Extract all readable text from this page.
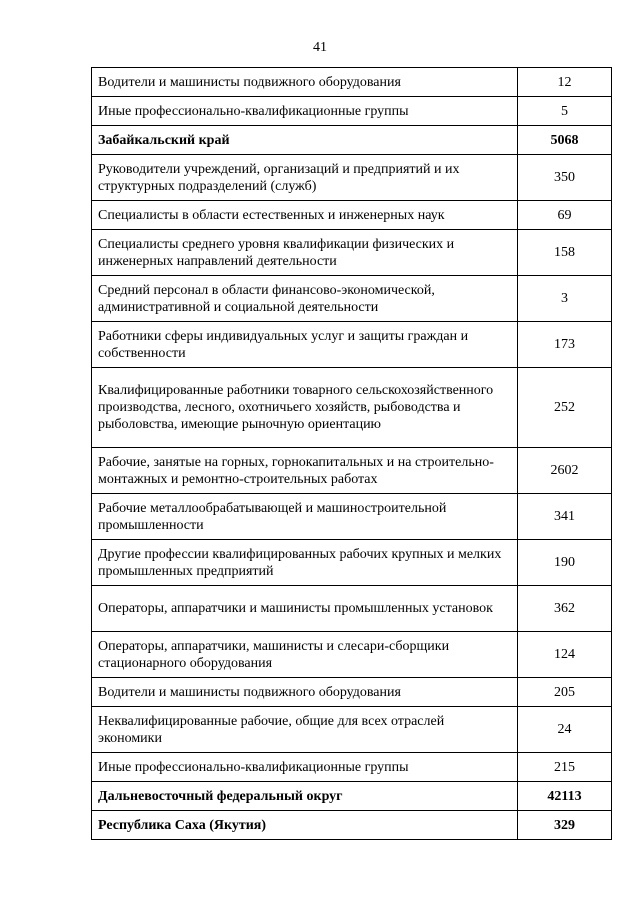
41
Водители и машинисты подвижного оборудования	12
Иные профессионально-квалификационные группы	5
Забайкальский край	5068
Руководители учреждений, организаций и предприятий и их структурных подразделений (служб)	350
Специалисты в области естественных и инженерных наук	69
Специалисты среднего уровня квалификации физических и инженерных направлений деятельности	158
Средний персонал в области финансово-экономической, административной и социальной деятельности	3
Работники сферы индивидуальных услуг и защиты граждан и собственности	173
Квалифицированные работники товарного сельскохозяйственного производства, лесного, охотничьего хозяйств, рыбоводства и рыболовства, имеющие рыночную ориентацию	252
Рабочие, занятые на горных, горнокапитальных и на строительно-монтажных и ремонтно-строительных работах	2602
Рабочие металлообрабатывающей и машиностроительной промышленности	341
Другие профессии квалифицированных рабочих крупных и мелких промышленных предприятий	190
Операторы, аппаратчики и машинисты промышленных установок	362
Операторы, аппаратчики, машинисты и слесари-сборщики стационарного оборудования	124
Водители и машинисты подвижного оборудования	205
Неквалифицированные рабочие, общие для всех отраслей экономики	24
Иные профессионально-квалификационные группы	215
Дальневосточный федеральный округ	42113
Республика Саха (Якутия)	329
